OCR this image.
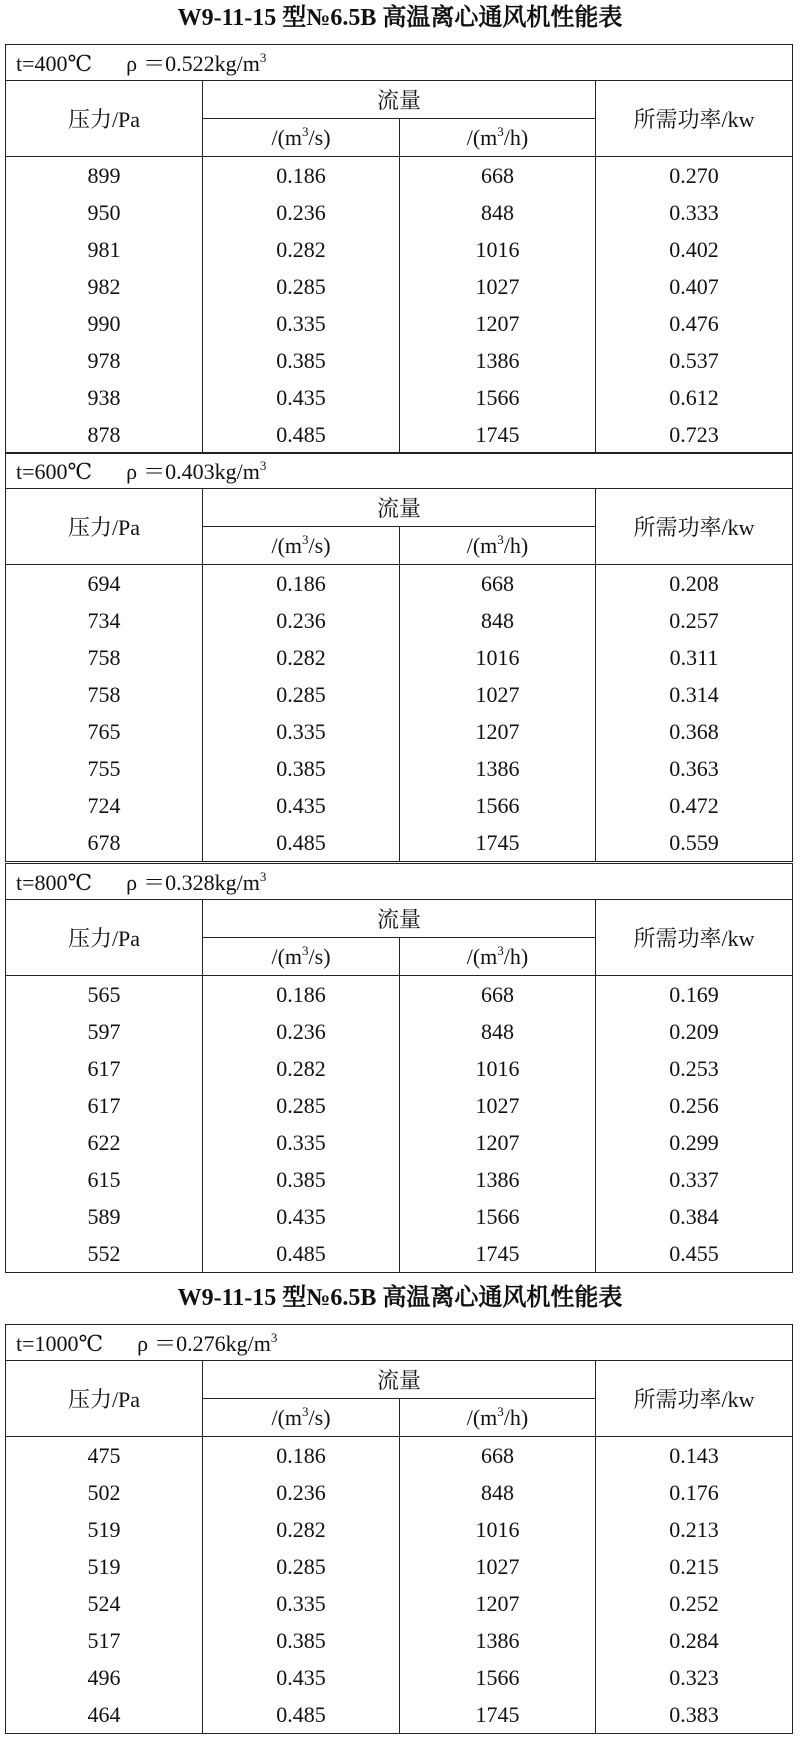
W9-11-15 型№6.5B 高温离心通风机性能表
W9-11-15 型№6.5B 高温离心通风机性能表
t=400℃ $\rho =0.522kg/m^3$
压力/Pa	流量		所需功率/kw
	$/(m^3/s)$	$/(m^3/h)$	
899	0.186	668	0.270
950	0.236	848	0.333
981	0.282	1016	0.402
982	0.285	1027	0.407
990	0.335	1207	0.476
978	0.385	1386	0.537
938	0.435	1566	0.612
878	0.485	1745	0.723
t=600℃ $\rho =0.403kg/m^3$
压力/Pa	流量		所需功率/kw
	$/(m^3/s)$	$/(m^3/h)$	
694	0.186	668	0.208
734	0.236	848	0.257
758	0.282	1016	0.311
758	0.285	1027	0.314
765	0.335	1207	0.368
755	0.385	1386	0.363
724	0.435	1566	0.472
678	0.485	1745	0.559
t=800℃ $\rho =0.328kg/m^3$
压力/Pa	流量		所需功率/kw
	$/(m^3/s)$	$/(m^3/h)$	
565	0.186	668	0.169
597	0.236	848	0.209
617	0.282	1016	0.253
617	0.285	1027	0.256
622	0.335	1207	0.299
615	0.385	1386	0.337
589	0.435	1566	0.384
552	0.485	1745	0.455
t=1000℃ $\rho =0.276kg/m^3$
压力/Pa	流量		所需功率/kw
	$/(m^3/s)$	$/(m^3/h)$	
475	0.186	668	0.143
502	0.236	848	0.176
519	0.282	1016	0.213
519	0.285	1027	0.215
524	0.335	1207	0.252
517	0.385	1386	0.284
496	0.435	1566	0.323
464	0.485	1745	0.383
